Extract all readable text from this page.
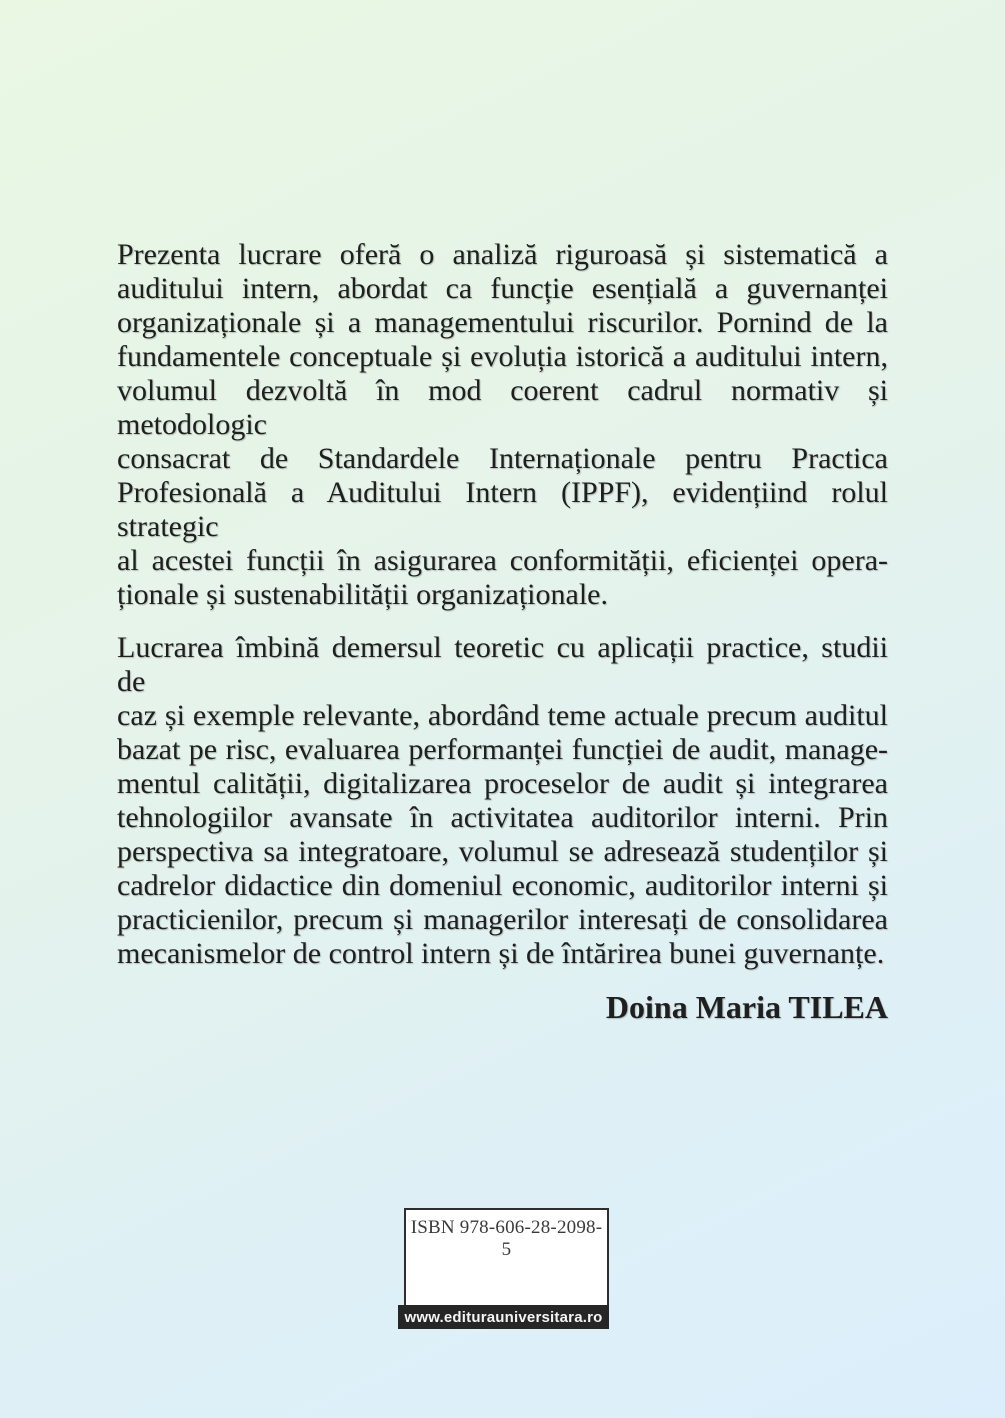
Prezenta lucrare oferă o analiză riguroasă și sistematică a
auditului intern, abordat ca funcție esențială a guvernanței
organizaționale și a managementului riscurilor. Pornind de la
fundamentele conceptuale și evoluția istorică a auditului intern,
volumul dezvoltă în mod coerent cadrul normativ și metodologic
consacrat de Standardele Internaționale pentru Practica
Profesională a Auditului Intern (IPPF), evidențiind rolul strategic
al acestei funcții în asigurarea conformității, eficienței opera-
ționale și sustenabilității organizaționale.
Lucrarea îmbină demersul teoretic cu aplicații practice, studii de
caz și exemple relevante, abordând teme actuale precum auditul
bazat pe risc, evaluarea performanței funcției de audit, manage-
mentul calității, digitalizarea proceselor de audit și integrarea
tehnologiilor avansate în activitatea auditorilor interni. Prin
perspectiva sa integratoare, volumul se adresează studenților și
cadrelor didactice din domeniul economic, auditorilor interni și
practicienilor, precum și managerilor interesați de consolidarea
mecanismelor de control intern și de întărirea bunei guvernanțe.
Doina Maria TILEA
ISBN 978-606-28-2098-5
www.editurauniversitara.ro
